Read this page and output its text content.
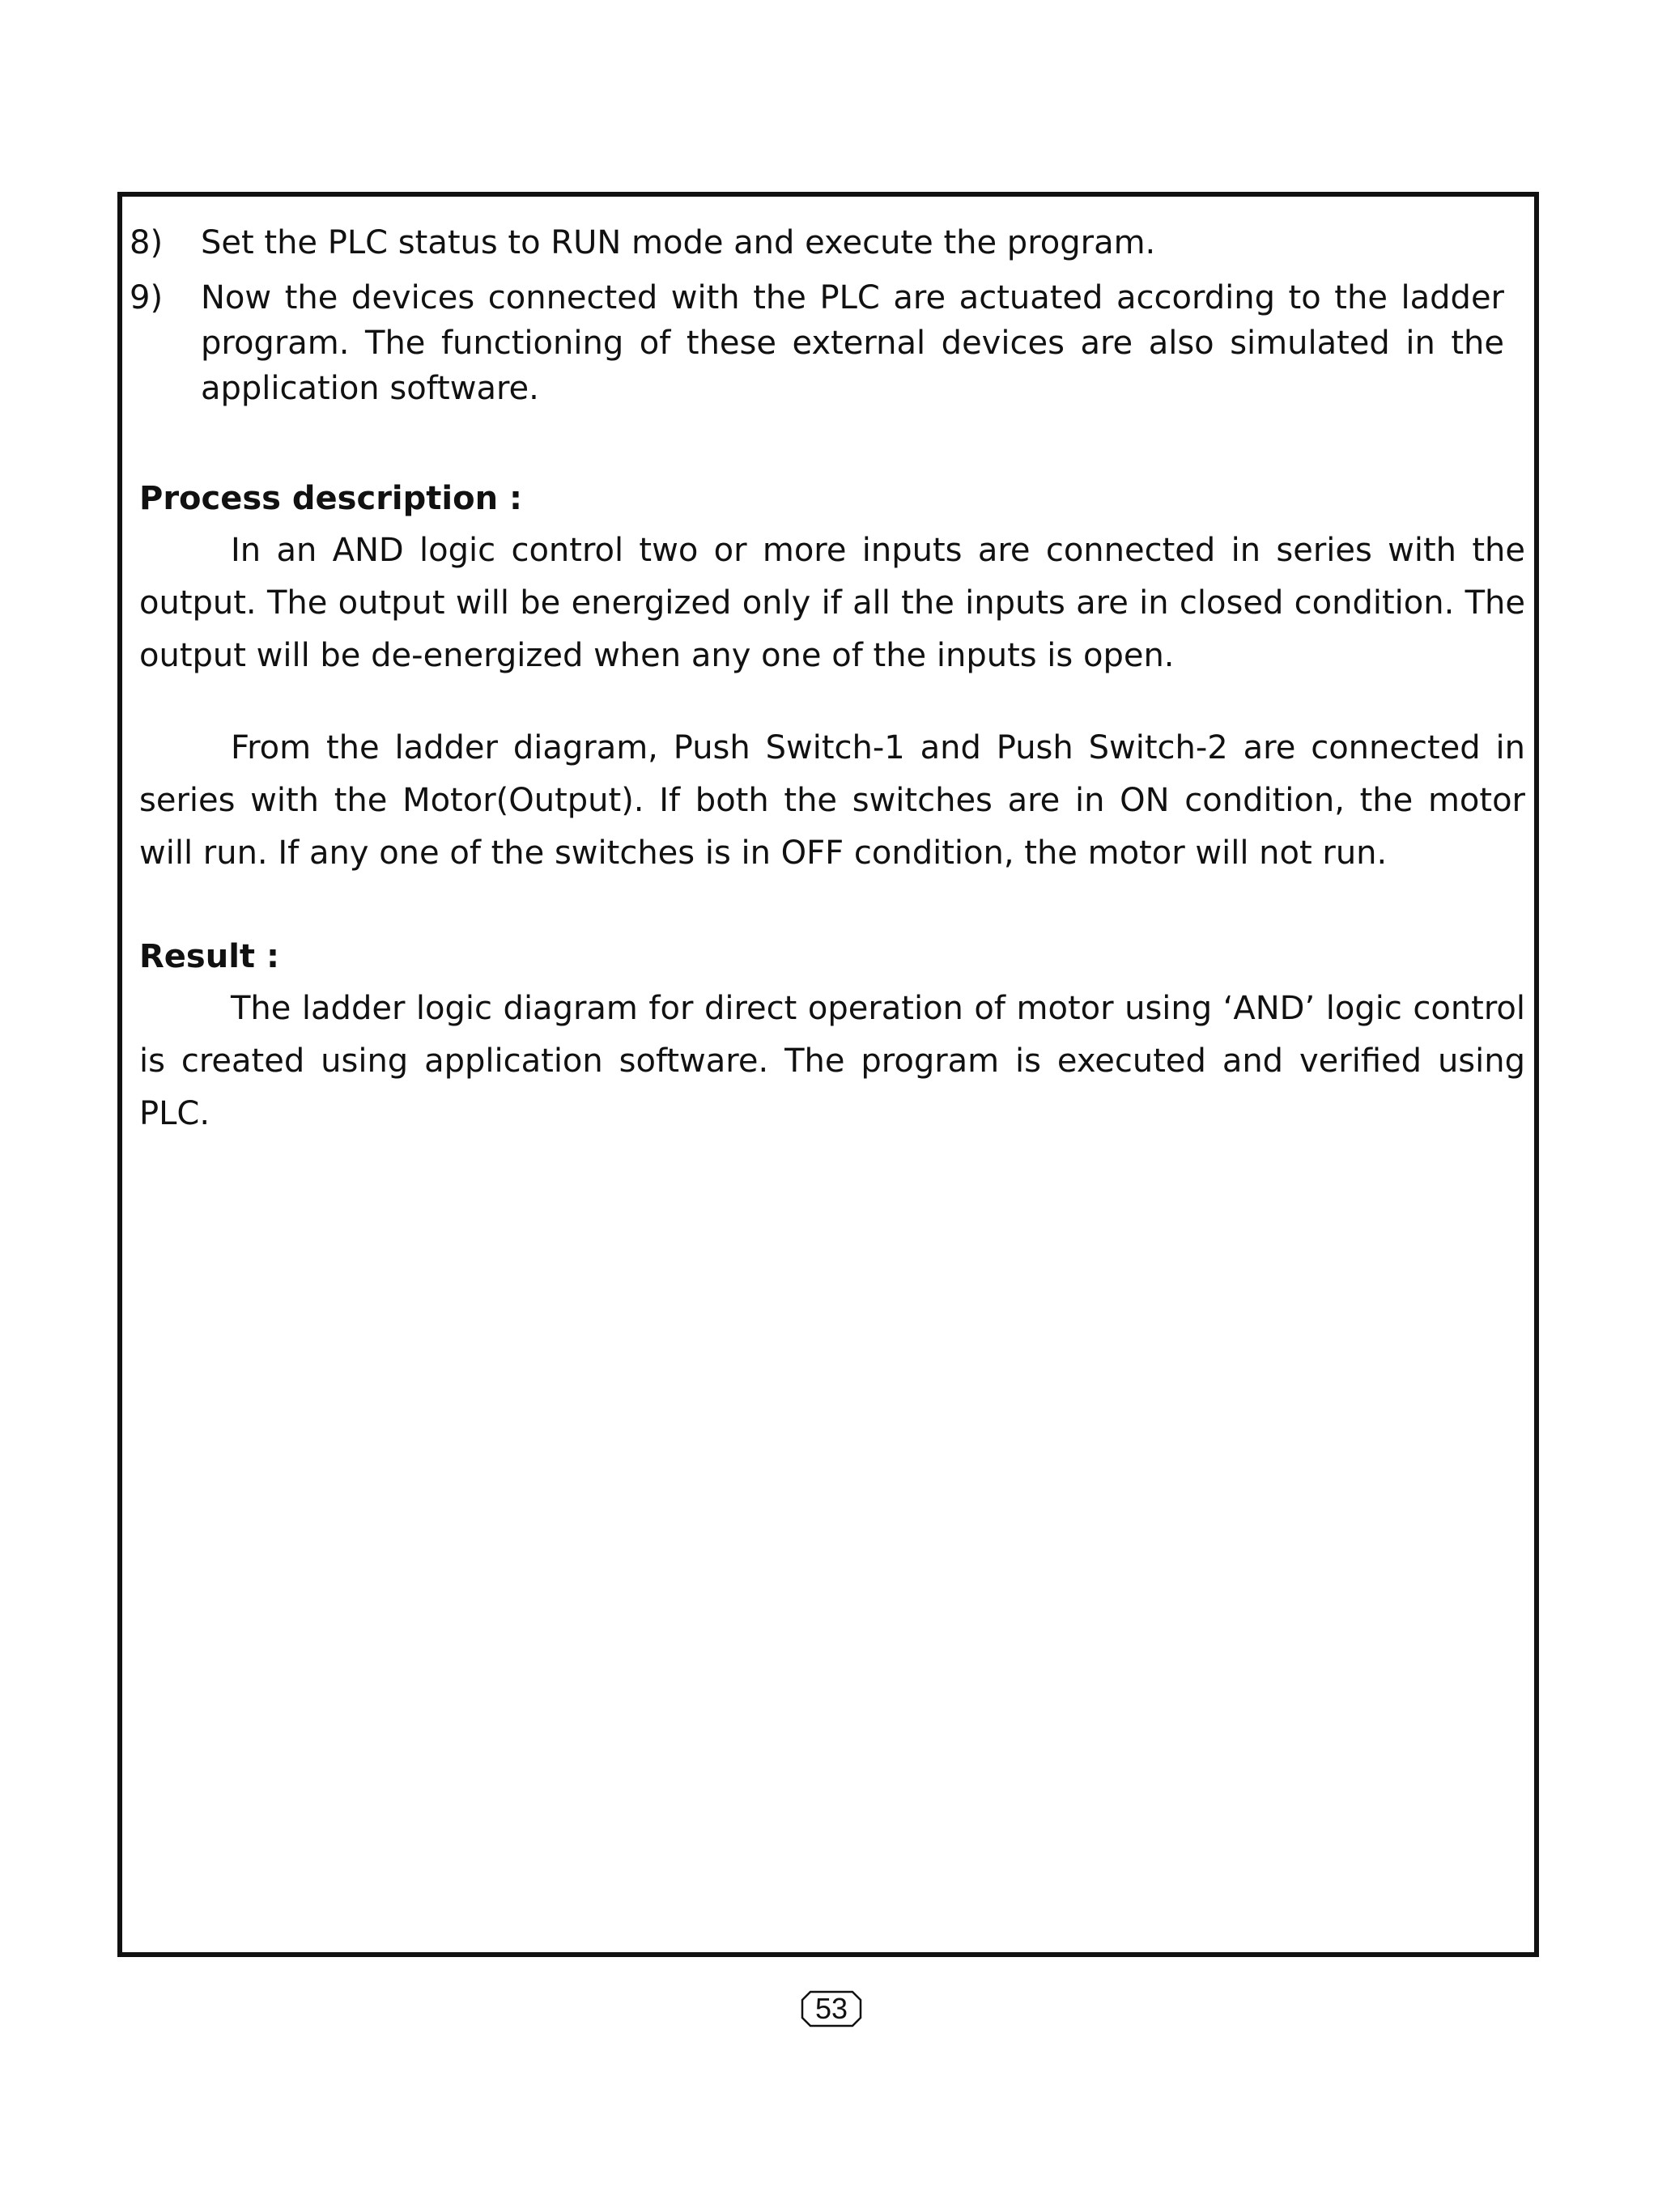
8) Set the PLC status to RUN mode and execute the program.
9) Now the devices connected with the PLC are actuated according to the ladder program. The functioning of these external devices are also simulated in the application software.
Process description :
In an AND logic control two or more inputs are connected in series with the output. The output will be energized only if all the inputs are in closed condition. The output will be de-energized when any one of the inputs is open.
From the ladder diagram, Push Switch-1 and Push Switch-2 are connected in series with the Motor(Output). If both the switches are in ON condition, the motor will run. If any one of the switches is in OFF condition, the motor will not run.
Result :
The ladder logic diagram for direct operation of motor using ‘AND’ logic control is created using application software. The program is executed and verified using PLC.
53
